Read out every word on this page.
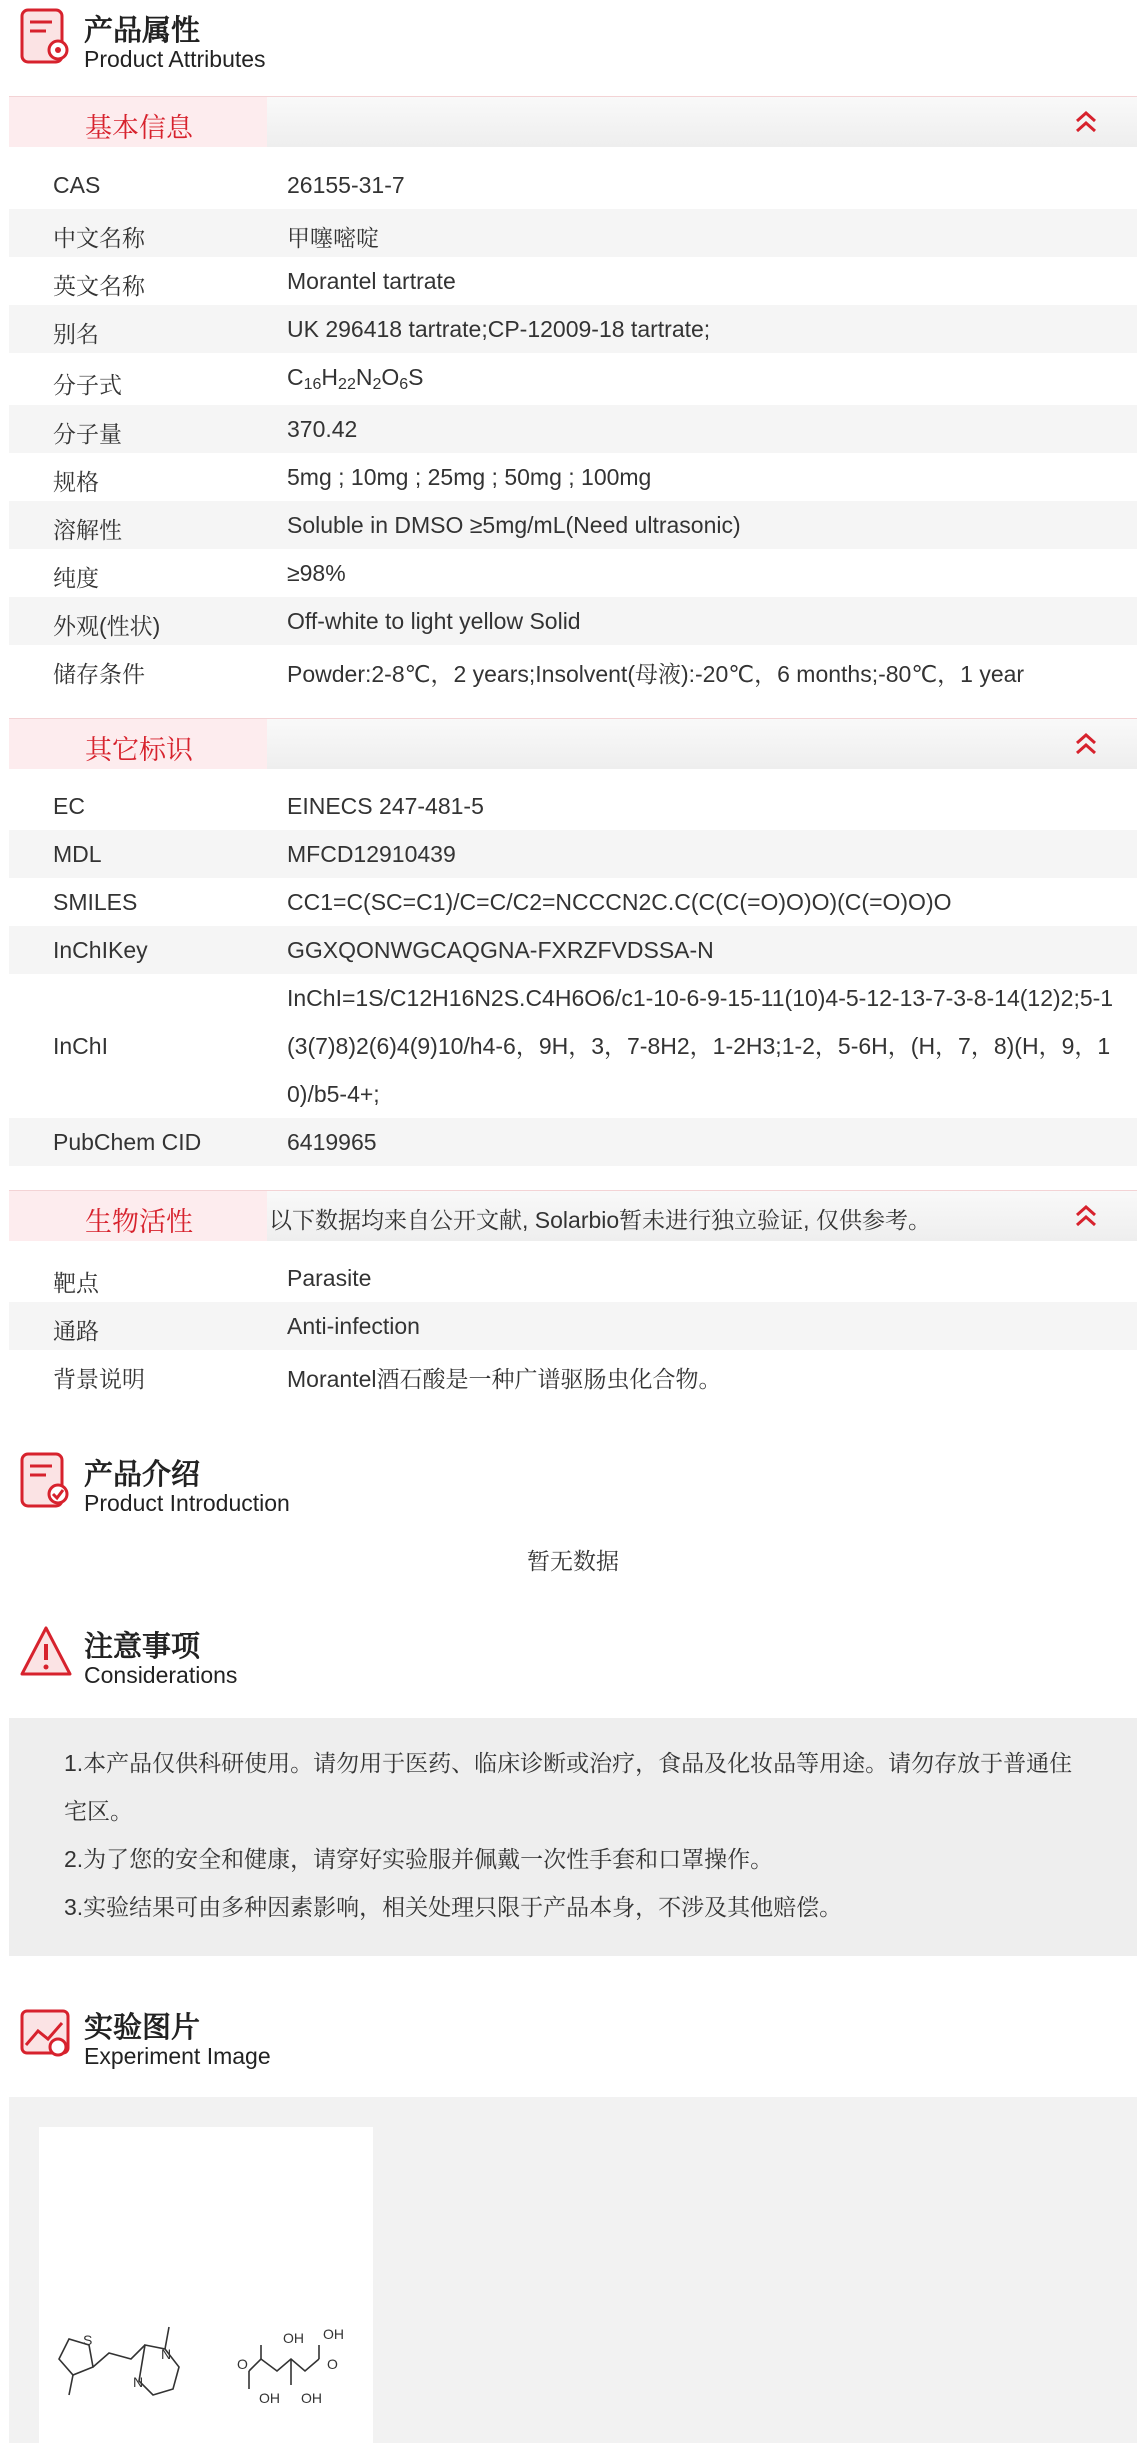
产品属性
Product Attributes
基本信息
CAS	26155-31-7
中文名称	甲噻嘧啶
英文名称	Morantel tartrate
别名	UK 296418 tartrate;CP-12009-18 tartrate;
分子式	$C_{16}H_{22}N_2O_6S$
分子量	370.42
规格	5mg ; 10mg ; 25mg ; 50mg ; 100mg
溶解性	Soluble in DMSO ≥5mg/mL(Need ultrasonic)
纯度	≥98%
外观(性状)	Off-white to light yellow Solid
储存条件	Powder:2-8℃，2 years;Insolvent(母液):-20℃，6 months;-80℃，1 year
其它标识
EC	EINECS 247-481-5
MDL	MFCD12910439
SMILES	CC1=C(SC=C1)/C=C/C2=NCCCN2C.C(C(C(=O)O)O)(C(=O)O)O
InChIKey	GGXQONWGCAQGNA-FXRZFVDSSA-N
InChI
InChI=1S/C12H16N2S.C4H6O6/c1-10-6-9-15-11(10)4-5-12-13-7-3-8-14(12)2;5-1(3(7)8)2(6)4(9)10/h4-6，9H，3，7-8H2，1-2H3;1-2，5-6H，(H，7，8)(H，9，10)/b5-4+;
PubChem CID	6419965
生物活性	以下数据均来自公开文献, Solarbio暂未进行独立验证, 仅供参考。
靶点	Parasite
通路	Anti-infection
背景说明	Morantel酒石酸是一种广谱驱肠虫化合物。
产品介绍
Product Introduction
暂无数据
注意事项
Considerations

1.本产品仅供科研使用。请勿用于医药、临床诊断或治疗，食品及化妆品等用途。请勿存放于普通住宅区。

2.为了您的安全和健康，请穿好实验服并佩戴一次性手套和口罩操作。

3.实验结果可由多种因素影响，相关处理只限于产品本身，不涉及其他赔偿。

实验图片
Experiment Image
S
N
N
OH OH
O
OH OH
O
